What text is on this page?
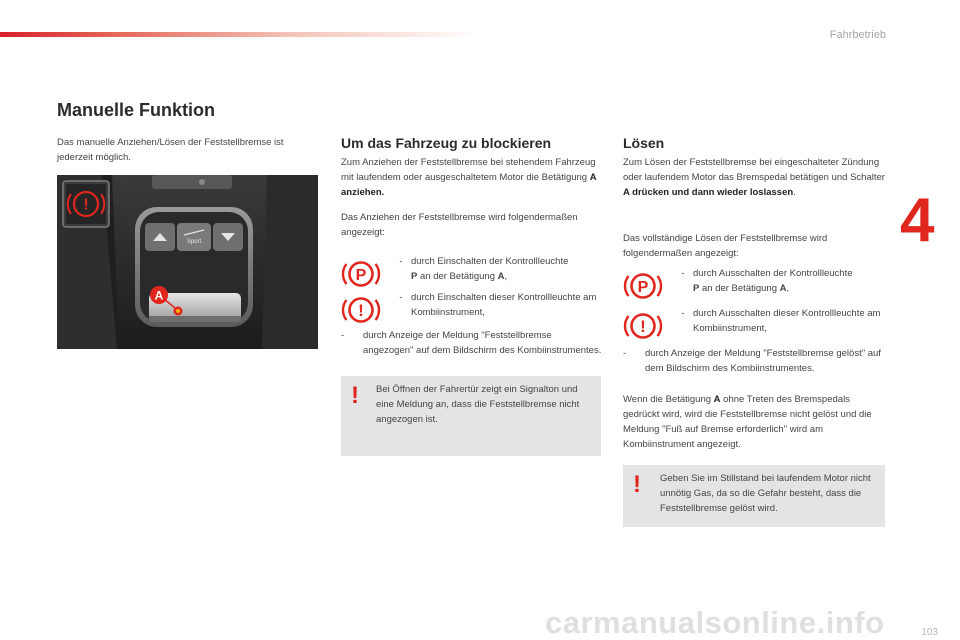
Fahrbetrieb
4
Manuelle Funktion

Das manuelle Anziehen/Lösen der Feststellbremse ist jederzeit möglich.

Sport
A
!
Um das Fahrzeug zu blockieren

Zum Anziehen der Feststellbremse bei stehendem Fahrzeug mit laufendem oder ausgeschaltetem Motor die Betätigung A anziehen.

Das Anziehen der Feststellbremse wird folgendermaßen angezeigt:

P
- durch Einschalten der Kontrollleuchte
P an der Betätigung A,
!
- durch Einschalten dieser Kontrollleuchte am Kombiinstrument,
-	durch Anzeige der Meldung "Feststellbremse angezogen" auf dem Bildschirm des Kombiinstrumentes.
! Bei Öffnen der Fahrertür zeigt ein Signalton und eine Meldung an, dass die Feststellbremse nicht angezogen ist.
Lösen

Zum Lösen der Feststellbremse bei eingeschalteter Zündung oder laufendem Motor das Bremspedal betätigen und Schalter A drücken und dann wieder loslassen.

Das vollständige Lösen der Feststellbremse wird folgendermaßen angezeigt:

P
- durch Ausschalten der Kontrollleuchte
P an der Betätigung A,
!
- durch Ausschalten dieser Kontrollleuchte am Kombiinstrument,
-	durch Anzeige der Meldung "Feststellbremse gelöst" auf dem Bildschirm des Kombiinstrumentes.

Wenn die Betätigung A ohne Treten des Bremspedals gedrückt wird, wird die Feststellbremse nicht gelöst und die Meldung "Fuß auf Bremse erforderlich" wird am Kombiinstrument angezeigt.

! Geben Sie im Stillstand bei laufendem Motor nicht unnötig Gas, da so die Gefahr besteht, dass die Feststellbremse gelöst wird.
103
carmanualsonline.info
